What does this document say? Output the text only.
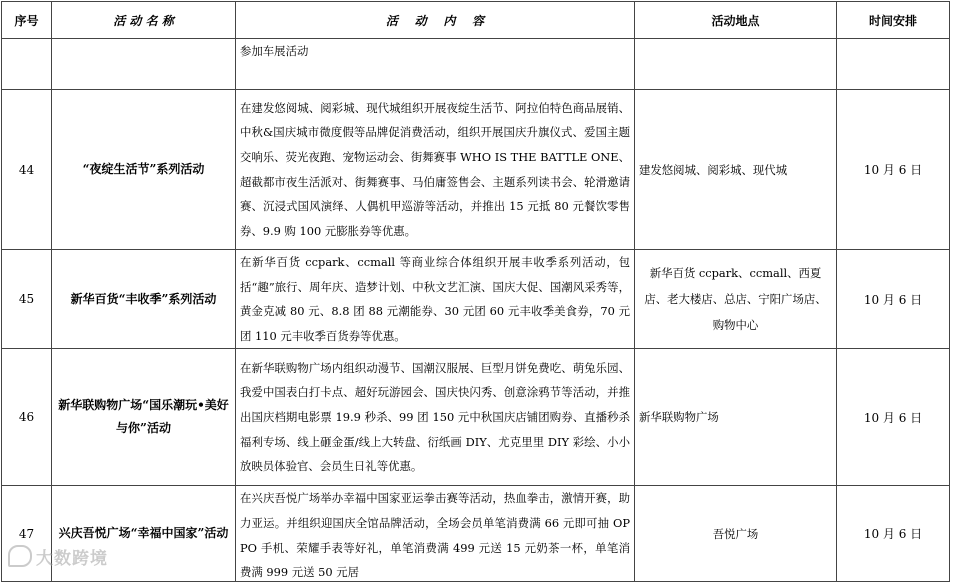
序号	活 动 名 称	活    动    内    容	活动地点	时间安排
		参加车展活动		
44	“夜绽生活节”系列活动	在建发悠阅城、阅彩城、现代城组织开展夜绽生活节、阿拉伯特色商品展销、中秋&国庆城市微度假等品牌促消费活动，组织开展国庆升旗仪式、爱国主题交响乐、荧光夜跑、宠物运动会、街舞赛事 WHO IS THE BATTLE ONE、超截都市夜生活派对、街舞赛事、马伯庸签售会、主题系列读书会、轮滑邀请赛、沉浸式国风演绎、人偶机甲巡游等活动，并推出 15 元抵 80 元餐饮零售券、9.9 购 100 元膨胀券等优惠。	建发悠阅城、阅彩城、现代城	10 月 6 日
45	新华百货“丰收季”系列活动	在新华百货 ccpark、ccmall 等商业综合体组织开展丰收季系列活动，包括“趣”旅行、周年庆、造梦计划、中秋文艺汇演、国庆大促、国潮风采秀等，黄金克减 80 元、8.8 团 88 元潮能券、30 元团 60 元丰收季美食券，70 元团 110 元丰收季百货券等优惠。	新华百货 ccpark、ccmall、西夏店、老大楼店、总店、宁阳广场店、购物中心	10 月 6 日
46	新华联购物广场“国乐潮玩•美好与你”活动	在新华联购物广场内组织动漫节、国潮汉服展、巨型月饼免费吃、萌兔乐园、我爱中国表白打卡点、超好玩游园会、国庆快闪秀、创意涂鸦节等活动，并推出国庆档期电影票 19.9 秒杀、99 团 150 元中秋国庆店铺团购券、直播秒杀福利专场、线上砸金蛋/线上大转盘、衍纸画 DIY、尤克里里 DIY 彩绘、小小放映员体验官、会员生日礼等优惠。	新华联购物广场	10 月 6 日
47	兴庆吾悦广场“幸福中国家”活动	在兴庆吾悦广场举办幸福中国家亚运拳击赛等活动，热血拳击，激情开赛，助力亚运。并组织迎国庆全馆品牌活动，全场会员单笔消费满 66 元即可抽 OPPO 手机、荣耀手表等好礼，单笔消费满 499 元送 15 元奶茶一杯，单笔消费满 999 元送 50 元居	吾悦广场	10 月 6 日
大数跨境
